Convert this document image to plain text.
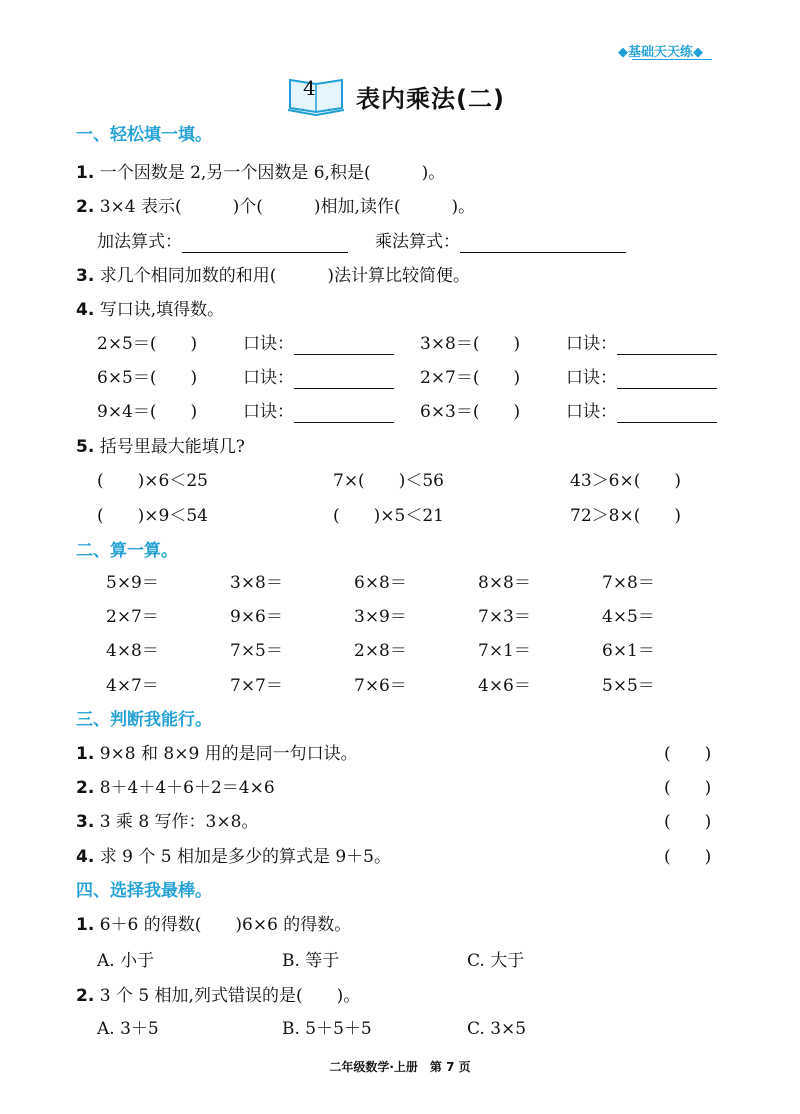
◆基础天天练◆
4 表内乘法(二)
一、轻松填一填。
1. 一个因数是 2,另一个因数是 6,积是(　　　)。
2. 3×4 表示(　　　)个(　　　)相加,读作(　　　)。
加法算式：	乘法算式：
3. 求几个相同加数的和用(　　　)法计算比较简便。
4. 写口诀,填得数。
2×5＝(　　)	口诀：	3×8＝(　　)	口诀：
6×5＝(　　)	口诀：	2×7＝(　　)	口诀：
9×4＝(　　)	口诀：	6×3＝(　　)	口诀：
5. 括号里最大能填几?
(　　)×6＜25	7×(　　)＜56	43＞6×(　　)
(　　)×9＜54	(　　)×5＜21	72＞8×(　　)
二、算一算。
5×9＝	3×8＝	6×8＝	8×8＝	7×8＝
2×7＝	9×6＝	3×9＝	7×3＝	4×5＝
4×8＝	7×5＝	2×8＝	7×1＝	6×1＝
4×7＝	7×7＝	7×6＝	4×6＝	5×5＝
三、判断我能行。
1. 9×8 和 8×9 用的是同一句口诀。	(　　)
2. 8＋4＋4＋6＋2＝4×6	(　　)
3. 3 乘 8 写作：3×8。	(　　)
4. 求 9 个 5 相加是多少的算式是 9＋5。	(　　)
四、选择我最棒。
1. 6＋6 的得数(　　)6×6 的得数。
A. 小于	B. 等于	C. 大于
2. 3 个 5 相加,列式错误的是(　　)。
A. 3＋5	B. 5＋5＋5	C. 3×5
二年级数学·上册　第 7 页
